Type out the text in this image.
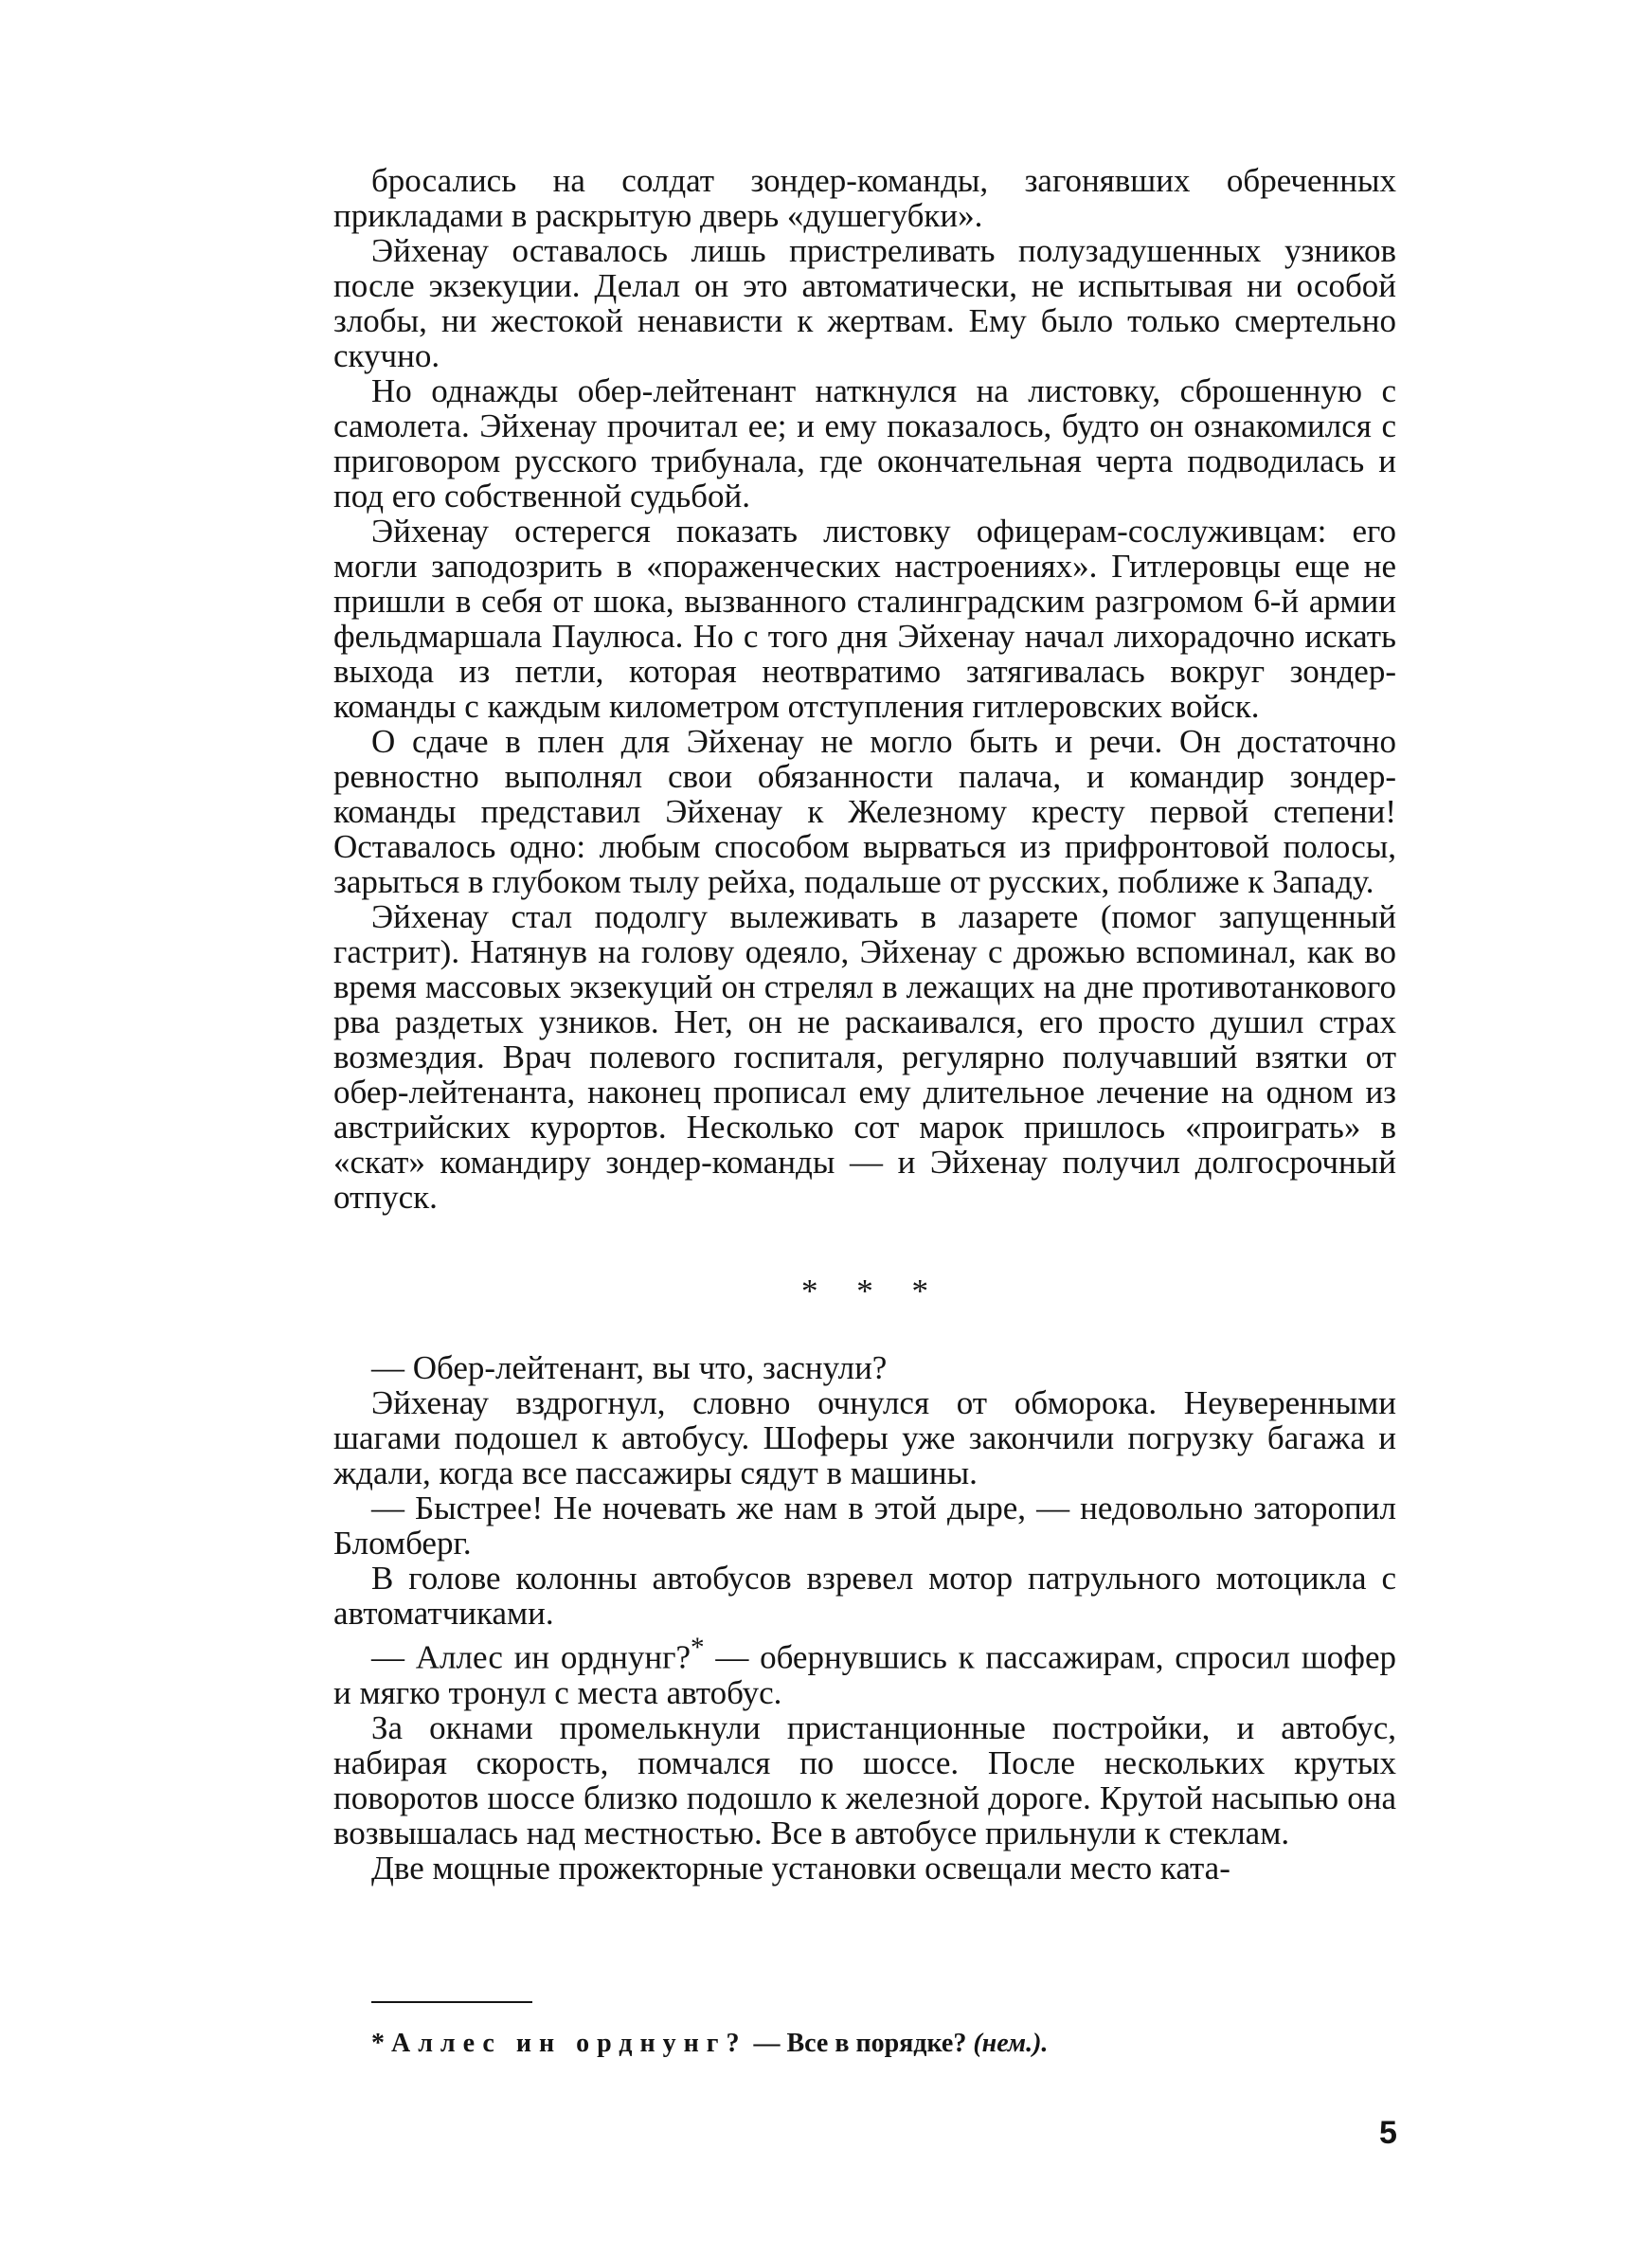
бросались на солдат зондер-команды, загонявших обреченных прикладами в раскрытую дверь «душегубки».

Эйхенау оставалось лишь пристреливать полузадушенных узников после экзекуции. Делал он это автоматически, не испытывая ни особой злобы, ни жестокой ненависти к жертвам. Ему было только смертельно скучно.

Но однажды обер-лейтенант наткнулся на листовку, сброшенную с самолета. Эйхенау прочитал ее; и ему показалось, будто он ознакомился с приговором русского трибунала, где окончательная черта подводилась и под его собственной судьбой.

Эйхенау остерегся показать листовку офицерам-сослуживцам: его могли заподозрить в «пораженческих настроениях». Гитлеровцы еще не пришли в себя от шока, вызванного сталинградским разгромом 6-й армии фельдмаршала Паулюса. Но с того дня Эйхенау начал лихорадочно искать выхода из петли, которая неотвратимо затягивалась вокруг зондер-команды с каждым километром отступления гитлеровских войск.

О сдаче в плен для Эйхенау не могло быть и речи. Он достаточно ревностно выполнял свои обязанности палача, и командир зондер-команды представил Эйхенау к Железному кресту первой степени! Оставалось одно: любым способом вырваться из прифронтовой полосы, зарыться в глубоком тылу рейха, подальше от русских, поближе к Западу.

Эйхенау стал подолгу вылеживать в лазарете (помог запущенный гастрит). Натянув на голову одеяло, Эйхенау с дрожью вспоминал, как во время массовых экзекуций он стрелял в лежащих на дне противотанкового рва раздетых узников. Нет, он не раскаивался, его просто душил страх возмездия. Врач полевого госпиталя, регулярно получавший взятки от обер-лейтенанта, наконец прописал ему длительное лечение на одном из австрийских курортов. Несколько сот марок пришлось «проиграть» в «скат» командиру зондер-команды — и Эйхенау получил долгосрочный отпуск.

* * *

— Обер-лейтенант, вы что, заснули?

Эйхенау вздрогнул, словно очнулся от обморока. Неуверенными шагами подошел к автобусу. Шоферы уже закончили погрузку багажа и ждали, когда все пассажиры сядут в машины.

— Быстрее! Не ночевать же нам в этой дыре, — недовольно заторопил Бломберг.

В голове колонны автобусов взревел мотор патрульного мотоцикла с автоматчиками.

— Аллес ин орднунг?* — обернувшись к пассажирам, спросил шофер и мягко тронул с места автобус.

За окнами промелькнули пристанционные постройки, и автобус, набирая скорость, помчался по шоссе. После нескольких крутых поворотов шоссе близко подошло к железной дороге. Крутой насыпью она возвышалась над местностью. Все в автобусе прильнули к стеклам.

Две мощные прожекторные установки освещали место ката-

* Аллес ин орднунг? — Все в порядке? (нем.).
5
